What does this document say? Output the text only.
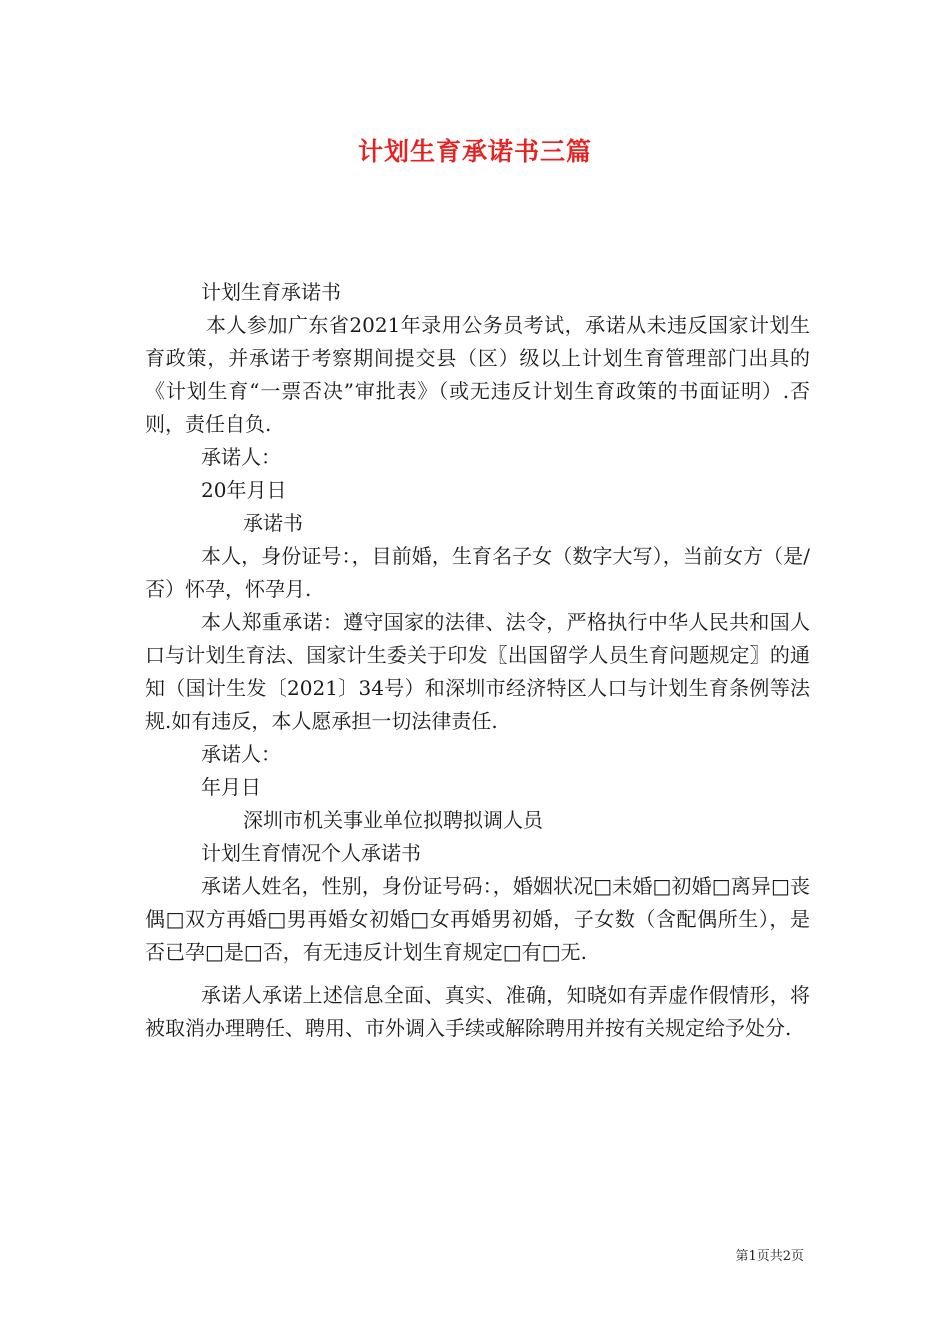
计划生育承诺书三篇

计划生育承诺书

本人参加广东省2021年录用公务员考试，承诺从未违反国家计划生育政策，并承诺于考察期间提交县（区）级以上计划生育管理部门出具的《计划生育“一票否决”审批表》（或无违反计划生育政策的书面证明）.否则，责任自负.

承诺人：

20年月日

承诺书

本人，身份证号：，目前婚，生育名子女（数字大写），当前女方（是/否）怀孕，怀孕月.

本人郑重承诺：遵守国家的法律、法令，严格执行中华人民共和国人口与计划生育法、国家计生委关于印发〖出国留学人员生育问题规定〗的通知（国计生发〔2021〕34号）和深圳市经济特区人口与计划生育条例等法规.如有违反，本人愿承担一切法律责任.

承诺人：

年月日

深圳市机关事业单位拟聘拟调人员

计划生育情况个人承诺书

承诺人姓名，性别，身份证号码：，婚姻状况□未婚□初婚□离异□丧偶□双方再婚□男再婚女初婚□女再婚男初婚，子女数（含配偶所生），是否已孕□是□否，有无违反计划生育规定□有□无.

承诺人承诺上述信息全面、真实、准确，知晓如有弄虚作假情形，将被取消办理聘任、聘用、市外调入手续或解除聘用并按有关规定给予处分.

第1页共2页
